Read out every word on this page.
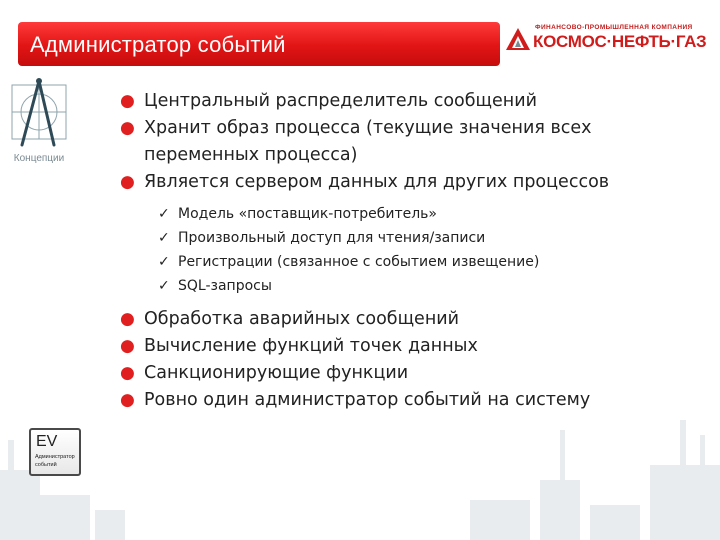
Администратор событий
ФИНАНСОВО-ПРОМЫШЛЕННАЯ КОМПАНИЯ
КОСМОС·НЕФТЬ·ГАЗ
Концепции
EV
Администратор событий
● Центральный распределитель сообщений
● Хранит образ процесса (текущие значения всех переменных процесса)
● Является сервером данных для других процессов
✓ Модель «поставщик-потребитель»
✓ Произвольный доступ для чтения/записи
✓ Регистрации (связанное с событием извещение)
✓ SQL-запросы
● Обработка аварийных сообщений
● Вычисление функций точек данных
● Санкционирующие функции
● Ровно один администратор событий на систему
